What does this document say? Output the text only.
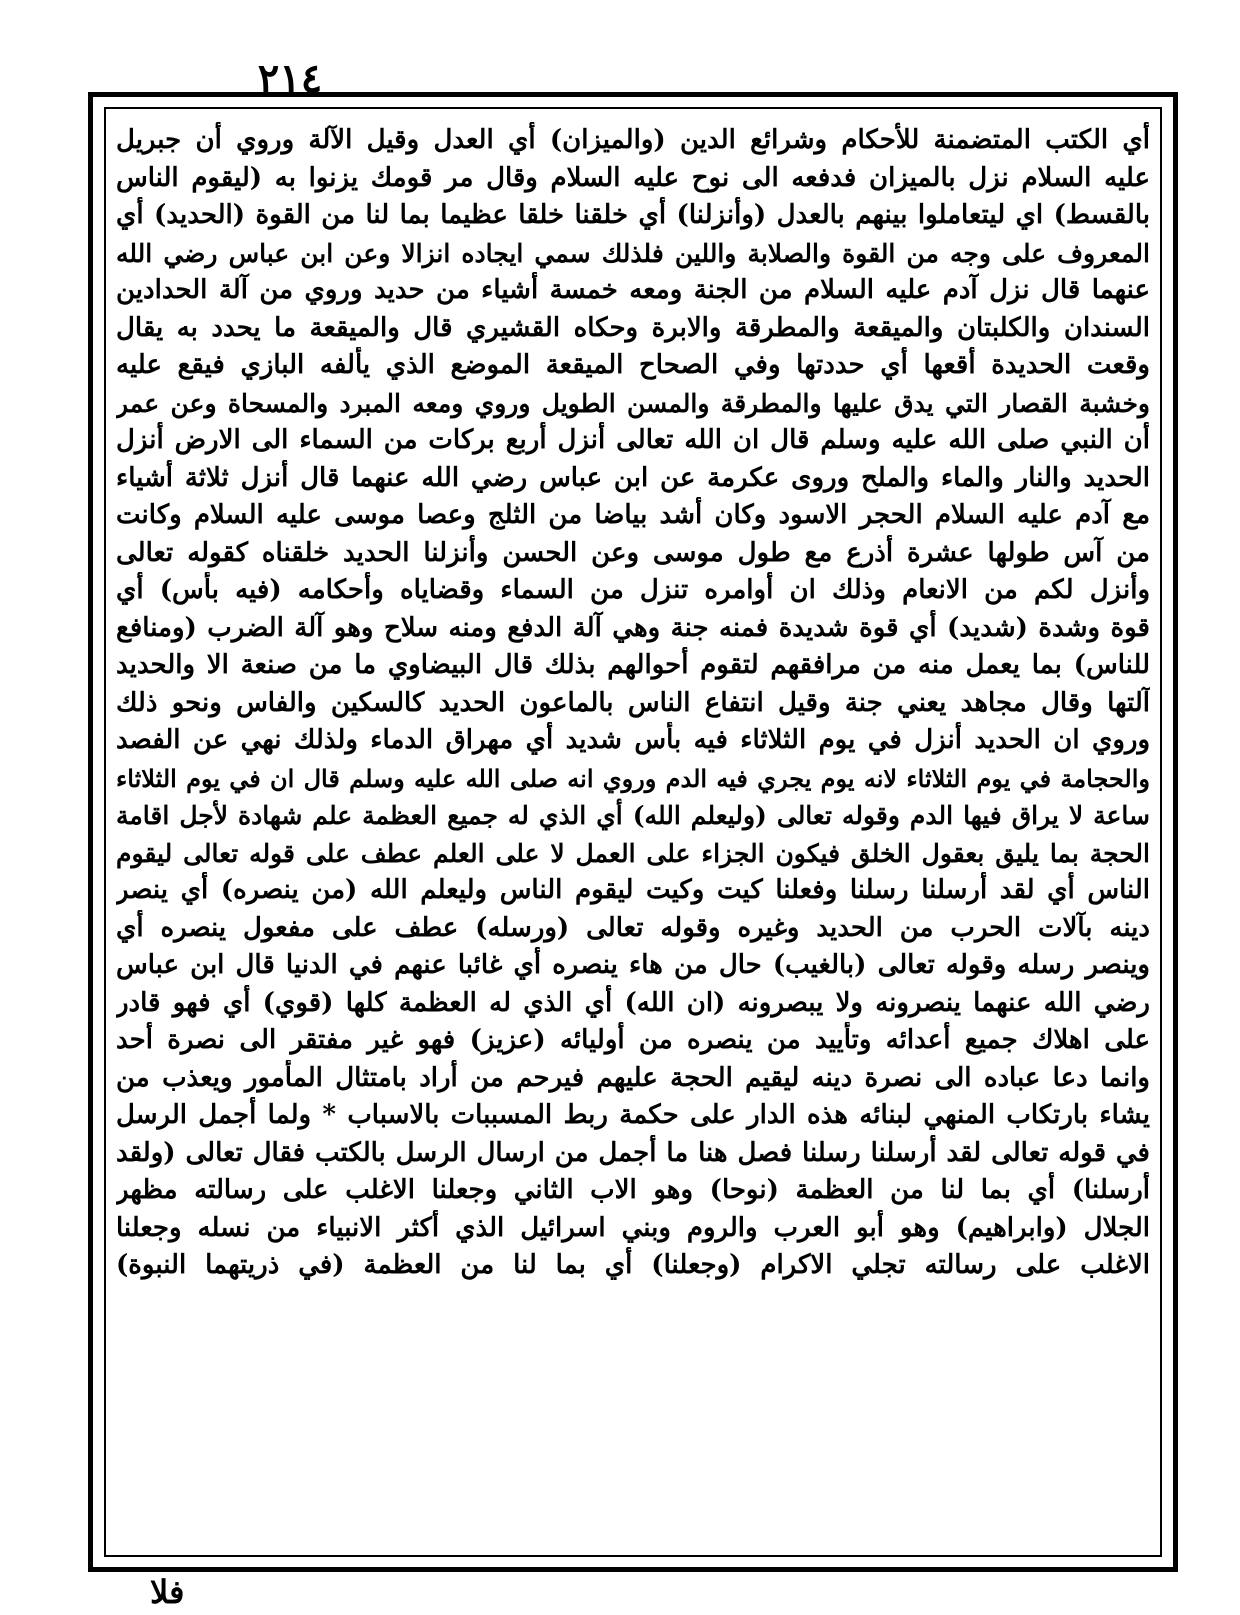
٢١٤
أي الكتب المتضمنة للأحكام وشرائع الدين (والميزان) أي العدل وقيل الآلة وروي أن جبريل
عليه السلام نزل بالميزان فدفعه الى نوح عليه السلام وقال مر قومك يزنوا به (ليقوم الناس
بالقسط) اي ليتعاملوا بينهم بالعدل (وأنزلنا) أي خلقنا خلقا عظيما بما لنا من القوة (الحديد) أي
المعروف على وجه من القوة والصلابة واللين فلذلك سمي ايجاده انزالا وعن ابن عباس رضي الله
عنهما قال نزل آدم عليه السلام من الجنة ومعه خمسة أشياء من حديد وروي من آلة الحدادين
السندان والكلبتان والميقعة والمطرقة والابرة وحكاه القشيري قال والميقعة ما يحدد به يقال
وقعت الحديدة أقعها أي حددتها وفي الصحاح الميقعة الموضع الذي يألفه البازي فيقع عليه
وخشبة القصار التي يدق عليها والمطرقة والمسن الطويل وروي ومعه المبرد والمسحاة وعن عمر
أن النبي صلى الله عليه وسلم قال ان الله تعالى أنزل أربع بركات من السماء الى الارض أنزل
الحديد والنار والماء والملح وروى عكرمة عن ابن عباس رضي الله عنهما قال أنزل ثلاثة أشياء
مع آدم عليه السلام الحجر الاسود وكان أشد بياضا من الثلج وعصا موسى عليه السلام وكانت
من آس طولها عشرة أذرع مع طول موسى وعن الحسن وأنزلنا الحديد خلقناه كقوله تعالى
وأنزل لكم من الانعام وذلك ان أوامره تنزل من السماء وقضاياه وأحكامه (فيه بأس) أي
قوة وشدة (شديد) أي قوة شديدة فمنه جنة وهي آلة الدفع ومنه سلاح وهو آلة الضرب (ومنافع
للناس) بما يعمل منه من مرافقهم لتقوم أحوالهم بذلك قال البيضاوي ما من صنعة الا والحديد
آلتها وقال مجاهد يعني جنة وقيل انتفاع الناس بالماعون الحديد كالسكين والفاس ونحو ذلك
وروي ان الحديد أنزل في يوم الثلاثاء فيه بأس شديد أي مهراق الدماء ولذلك نهي عن الفصد
والحجامة في يوم الثلاثاء لانه يوم يجري فيه الدم وروي انه صلى الله عليه وسلم قال ان في يوم الثلاثاء
ساعة لا يراق فيها الدم وقوله تعالى (وليعلم الله) أي الذي له جميع العظمة علم شهادة لأجل اقامة
الحجة بما يليق بعقول الخلق فيكون الجزاء على العمل لا على العلم عطف على قوله تعالى ليقوم
الناس أي لقد أرسلنا رسلنا وفعلنا كيت وكيت ليقوم الناس وليعلم الله (من ينصره) أي ينصر
دينه بآلات الحرب من الحديد وغيره وقوله تعالى (ورسله) عطف على مفعول ينصره أي
وينصر رسله وقوله تعالى (بالغيب) حال من هاء ينصره أي غائبا عنهم في الدنيا قال ابن عباس
رضي الله عنهما ينصرونه ولا يبصرونه (ان الله) أي الذي له العظمة كلها (قوي) أي فهو قادر
على اهلاك جميع أعدائه وتأييد من ينصره من أوليائه (عزيز) فهو غير مفتقر الى نصرة أحد
وانما دعا عباده الى نصرة دينه ليقيم الحجة عليهم فيرحم من أراد بامتثال المأمور ويعذب من
يشاء بارتكاب المنهي لبنائه هذه الدار على حكمة ربط المسببات بالاسباب * ولما أجمل الرسل
في قوله تعالى لقد أرسلنا رسلنا فصل هنا ما أجمل من ارسال الرسل بالكتب فقال تعالى (ولقد
أرسلنا) أي بما لنا من العظمة (نوحا) وهو الاب الثاني وجعلنا الاغلب على رسالته مظهر
الجلال (وابراهيم) وهو أبو العرب والروم وبني اسرائيل الذي أكثر الانبياء من نسله وجعلنا
الاغلب على رسالته تجلي الاكرام (وجعلنا) أي بما لنا من العظمة (في ذريتهما النبوة)
فلا
